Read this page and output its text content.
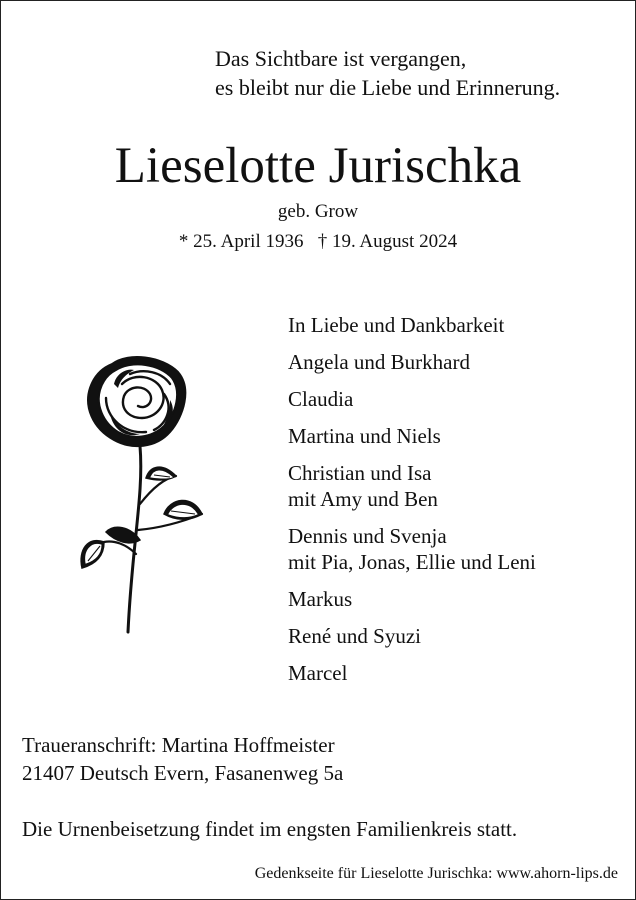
Das Sichtbare ist vergangen,
es bleibt nur die Liebe und Erinnerung.
Lieselotte Jurischka
geb. Grow
* 25. April 1936   † 19. August 2024
In Liebe und Dankbarkeit
Angela und Burkhard
Claudia
Martina und Niels
Christian und Isa
mit Amy und Ben
Dennis und Svenja
mit Pia, Jonas, Ellie und Leni
Markus
René und Syuzi
Marcel
Traueranschrift: Martina Hoffmeister
21407 Deutsch Evern, Fasanenweg 5a
Die Urnenbeisetzung findet im engsten Familienkreis statt.
Gedenkseite für Lieselotte Jurischka: www.ahorn-lips.de
